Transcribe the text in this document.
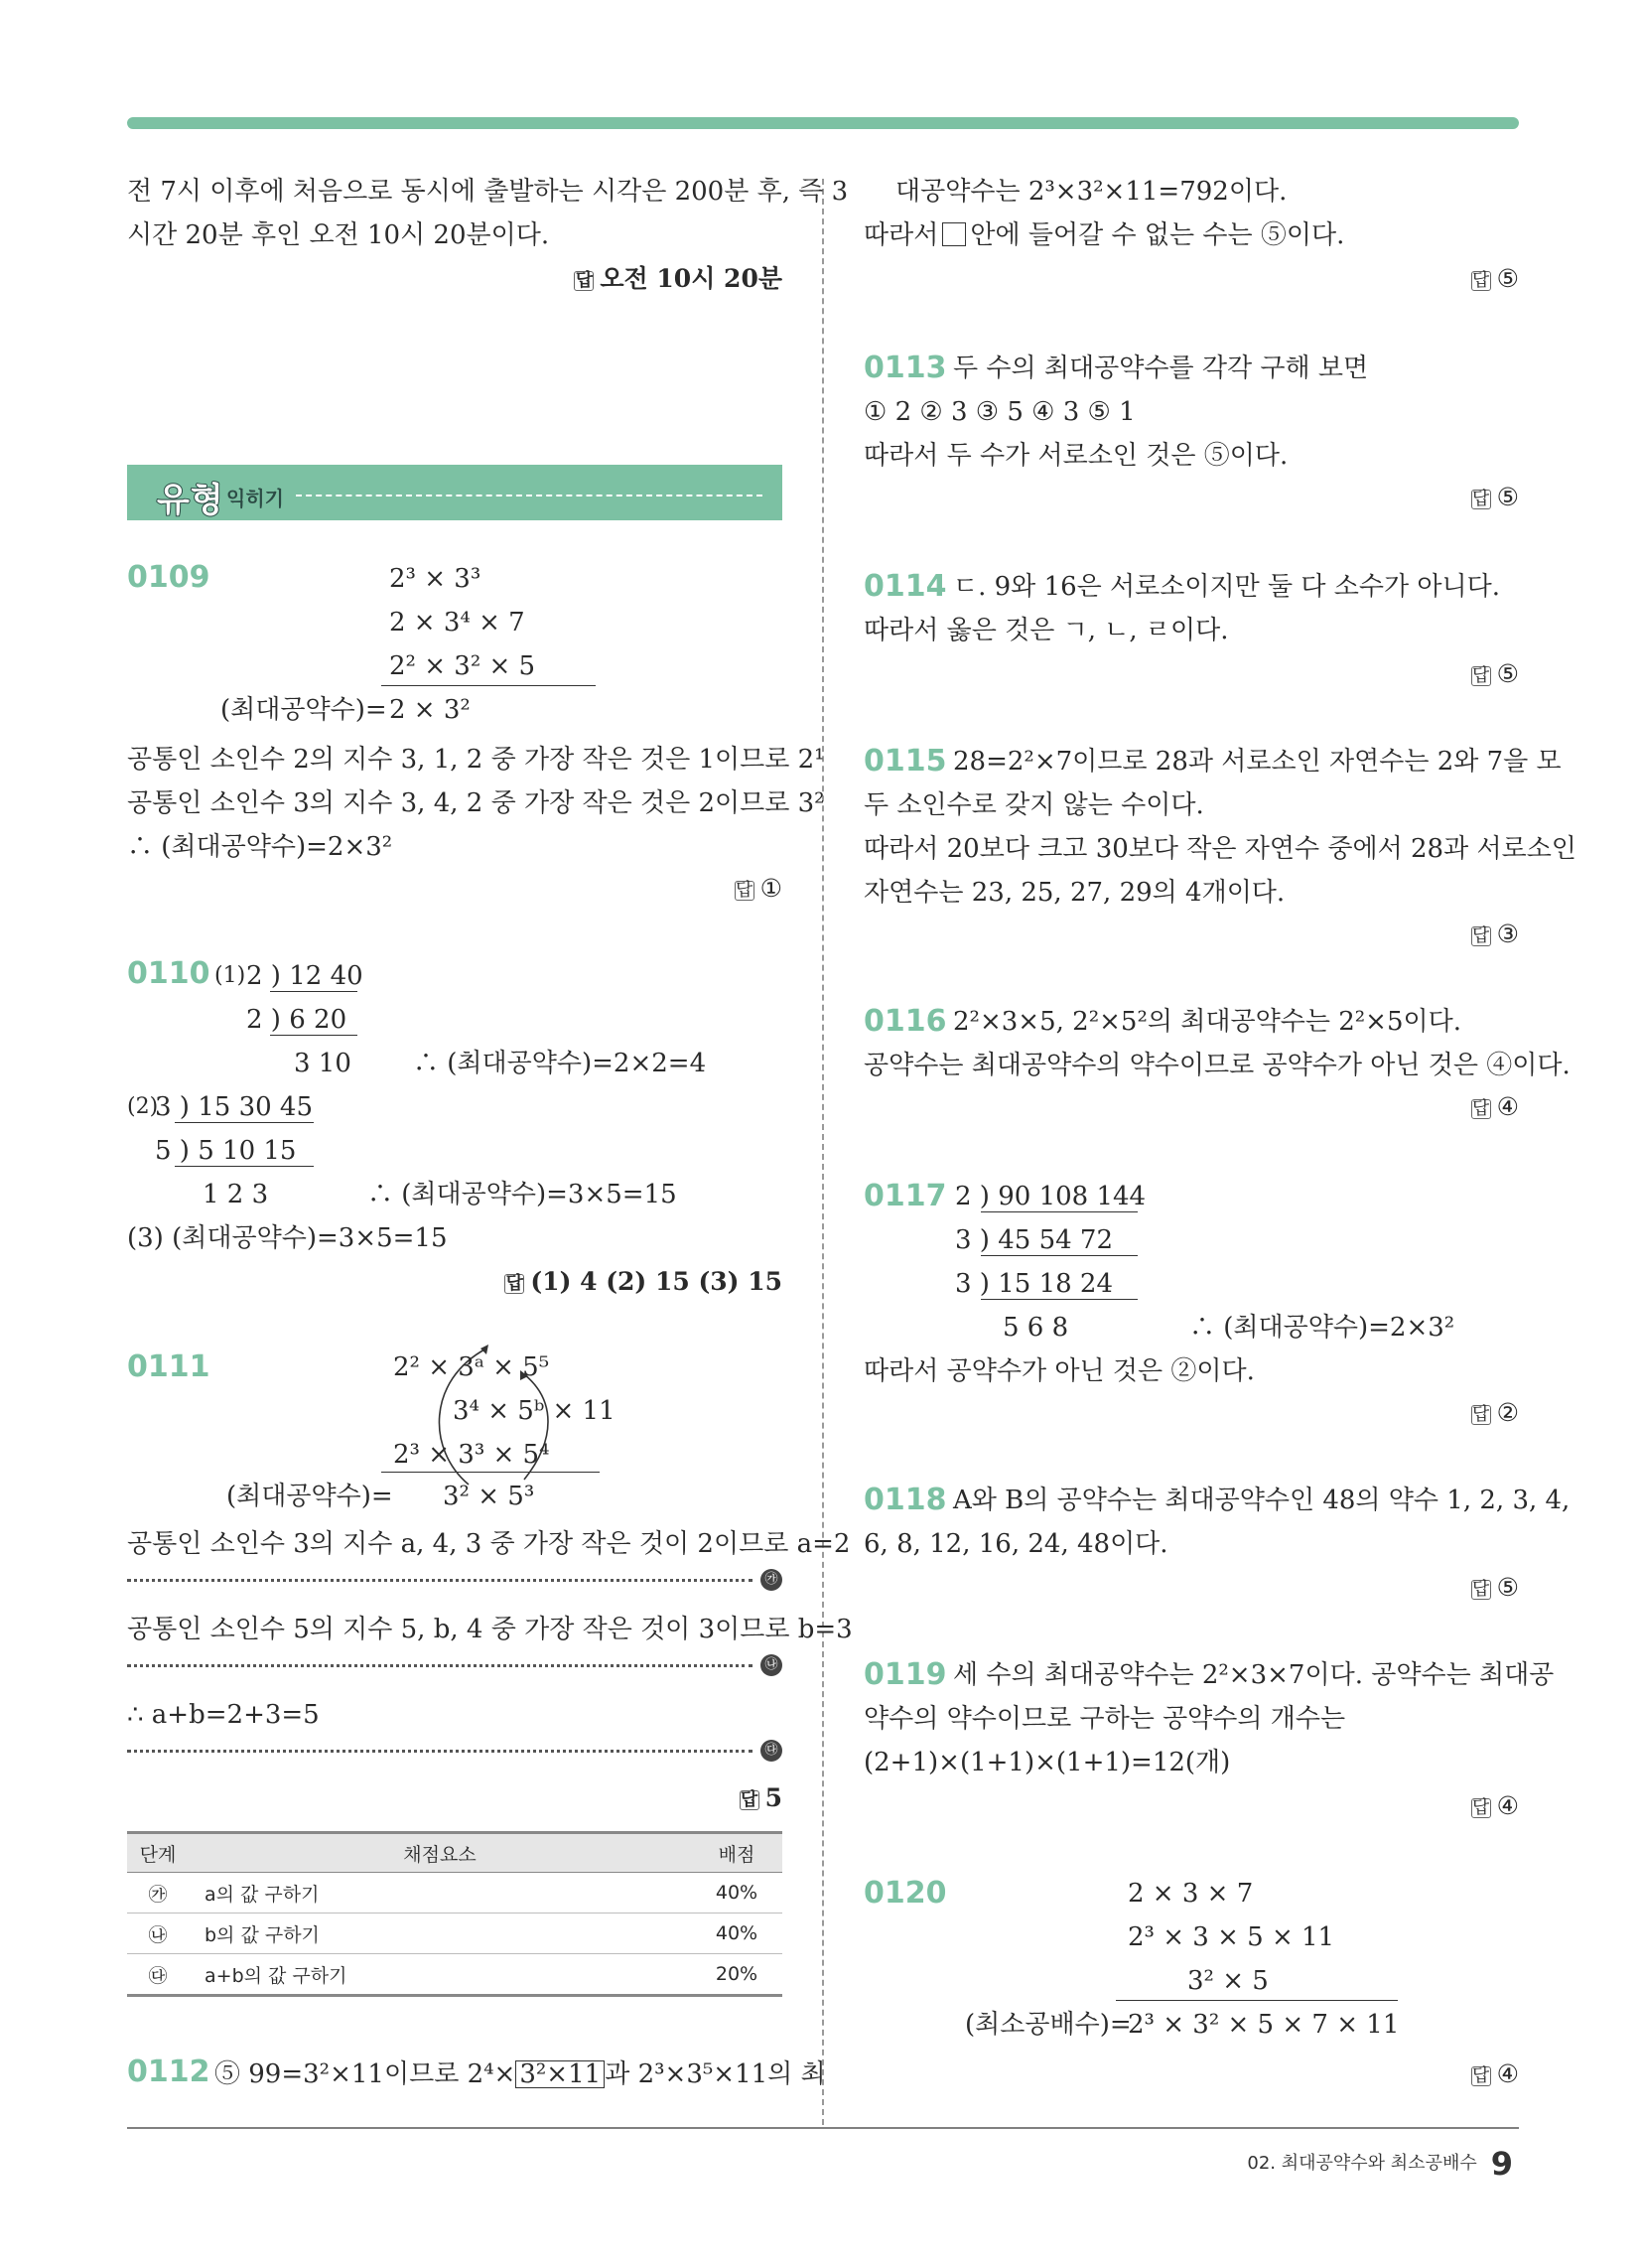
전 7시 이후에 처음으로 동시에 출발하는 시각은 200분 후, 즉 3
시간 20분 후인 오전 10시 20분이다.
답 오전 10시 20분
유형 익히기
0109	2³ × 3³
2 × 3⁴ × 7
2² × 3² × 5
(최대공약수)= 2 × 3²
공통인 소인수 2의 지수 3, 1, 2 중 가장 작은 것은 1이므로 2¹
공통인 소인수 3의 지수 3, 4, 2 중 가장 작은 것은 2이므로 3²
∴ (최대공약수)=2×3²
답 ①
0110 (1) 2 ) 12 40
2 ) 6 20
3 10 ∴ (최대공약수)=2×2=4
(2)
3 ) 15 30 45
5 ) 5 10 15
1 2 3	∴ (최대공약수)=3×5=15
(3) (최대공약수)=3×5=15
답 (1) 4 (2) 15 (3) 15
0111	2² × 3ᵃ × 5⁵
3⁴ × 5ᵇ × 11
2³ × 3³ × 5⁴
(최대공약수)= 3² × 5³
공통인 소인수 3의 지수 a, 4, 3 중 가장 작은 것이 2이므로 a=2
㉮
공통인 소인수 5의 지수 5, b, 4 중 가장 작은 것이 3이므로 b=3
㉯
∴ a+b=2+3=5
㉰
답 5
단계	채점요소	배점
㉮	a의 값 구하기	40%
㉯	b의 값 구하기	40%
㉰	a+b의 값 구하기	20%
0112 ⑤ 99=3²×11이므로 2⁴× 3²×11 과 2³×3⁵×11의 최
대공약수는 2³×3²×11=792이다.
따라서 안에 들어갈 수 없는 수는 ⑤이다.
답 ⑤
0113 두 수의 최대공약수를 각각 구해 보면
① 2 ② 3 ③ 5 ④ 3 ⑤ 1
따라서 두 수가 서로소인 것은 ⑤이다.
답 ⑤
0114 ㄷ. 9와 16은 서로소이지만 둘 다 소수가 아니다.
따라서 옳은 것은 ㄱ, ㄴ, ㄹ이다.
답 ⑤
0115 28=2²×7이므로 28과 서로소인 자연수는 2와 7을 모
두 소인수로 갖지 않는 수이다.
따라서 20보다 크고 30보다 작은 자연수 중에서 28과 서로소인
자연수는 23, 25, 27, 29의 4개이다.
답 ③
0116 2²×3×5, 2²×5²의 최대공약수는 2²×5이다.
공약수는 최대공약수의 약수이므로 공약수가 아닌 것은 ④이다.
답 ④
0117 2 ) 90 108 144
3 ) 45 54 72
3 ) 15 18 24
5 6 8	∴ (최대공약수)=2×3²
따라서 공약수가 아닌 것은 ②이다.
답 ②
0118 A와 B의 공약수는 최대공약수인 48의 약수 1, 2, 3, 4,
6, 8, 12, 16, 24, 48이다.
답 ⑤
0119 세 수의 최대공약수는 2²×3×7이다. 공약수는 최대공
약수의 약수이므로 구하는 공약수의 개수는
(2+1)×(1+1)×(1+1)=12(개)
답 ④
0120	2 × 3 × 7
2³ × 3 × 5 × 11
3² × 5
(최소공배수)=
2³ × 3² × 5 × 7 × 11
답 ④
02. 최대공약수와 최소공배수 9
